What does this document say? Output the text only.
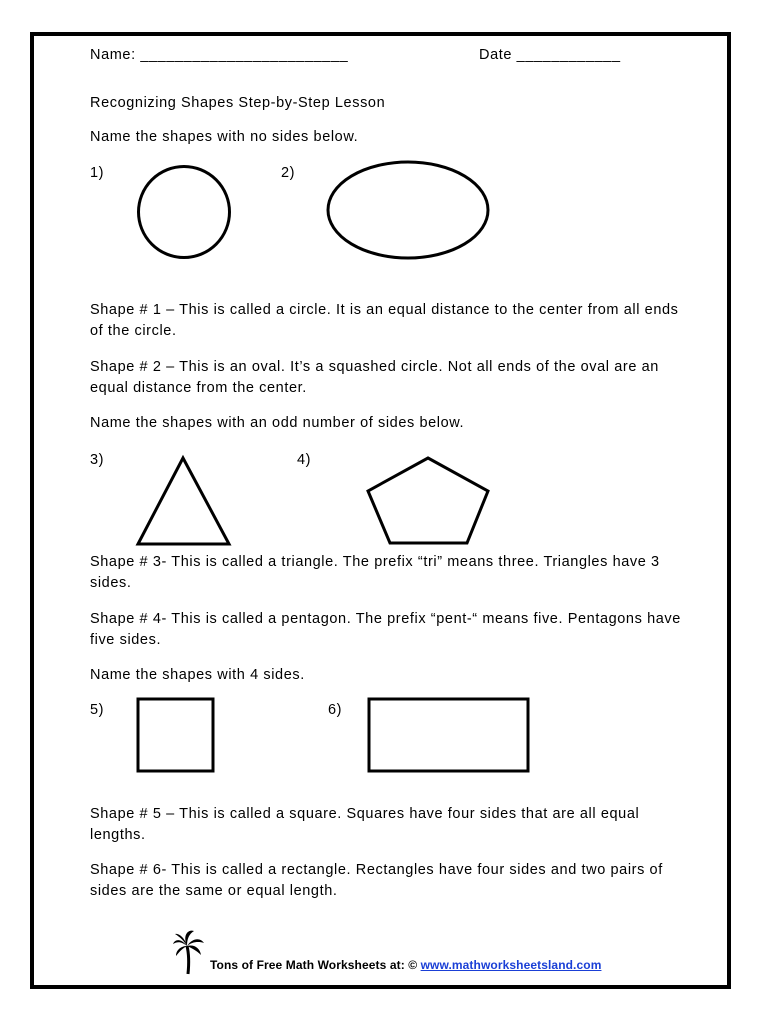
Name: ________________________	Date ____________
Recognizing Shapes Step-by-Step Lesson
Name the shapes with no sides below.
1)	2)
Shape # 1 – This is called a circle. It is an equal distance to the center from all ends of the circle.
Shape # 2 – This is an oval. It’s a squashed circle. Not all ends of the oval are an equal distance from the center.
Name the shapes with an odd number of sides below.
3)	4)
Shape # 3- This is called a triangle. The prefix “tri” means three. Triangles have 3 sides.
Shape # 4- This is called a pentagon. The prefix “pent-“ means five. Pentagons have five sides.
Name the shapes with 4 sides.
5)	6)
Shape # 5 – This is called a square. Squares have four sides that are all equal lengths.
Shape # 6- This is called a rectangle. Rectangles have four sides and two pairs of sides are the same or equal length.
Tons of Free Math Worksheets at: © www.mathworksheetsland.com
